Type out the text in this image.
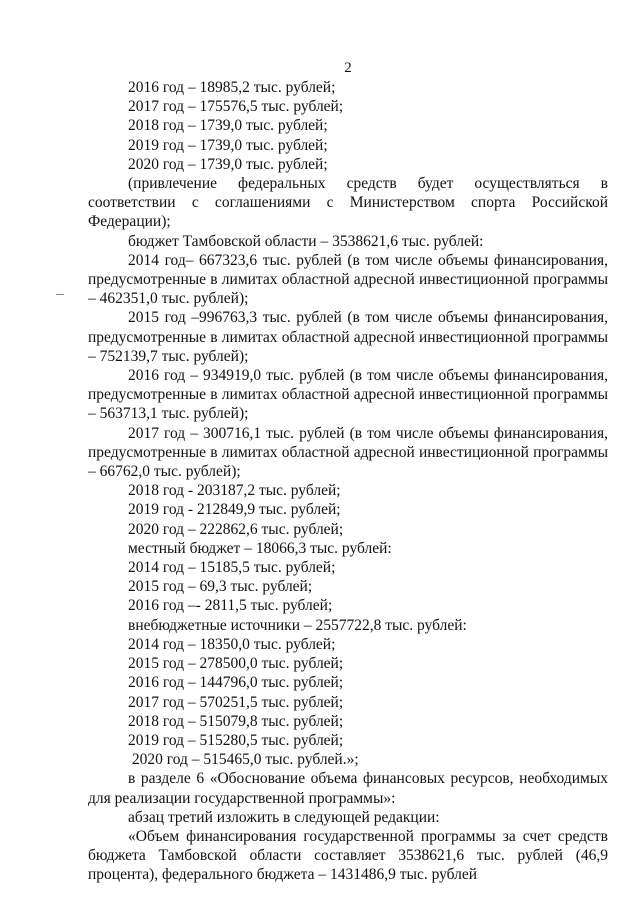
2
2016 год – 18985,2 тыс. рублей;
2017 год – 175576,5 тыс. рублей;
2018 год – 1739,0 тыс. рублей;
2019 год – 1739,0 тыс. рублей;
2020 год – 1739,0 тыс. рублей;

(привлечение федеральных средств будет осуществляться в соответствии с соглашениями с Министерством спорта Российской Федерации);

бюджет Тамбовской области – 3538621,6 тыс. рублей:

2014 год– 667323,6 тыс. рублей (в том числе объемы финансирования, предусмотренные в лимитах областной адресной инвестиционной программы – 462351,0 тыс. рублей);

2015 год –996763,3 тыс. рублей (в том числе объемы финансирования, предусмотренные в лимитах областной адресной инвестиционной программы – 752139,7 тыс. рублей);

2016 год – 934919,0 тыс. рублей (в том числе объемы финансирования, предусмотренные в лимитах областной адресной инвестиционной программы – 563713,1 тыс. рублей);

2017 год – 300716,1 тыс. рублей (в том числе объемы финансирования, предусмотренные в лимитах областной адресной инвестиционной программы – 66762,0 тыс. рублей);

2018 год - 203187,2 тыс. рублей;
2019 год - 212849,9 тыс. рублей;
2020 год – 222862,6 тыс. рублей;
местный бюджет – 18066,3 тыс. рублей:
2014 год – 15185,5 тыс. рублей;
2015 год – 69,3 тыс. рублей;
2016 год –- 2811,5 тыс. рублей;
внебюджетные источники – 2557722,8 тыс. рублей:
2014 год – 18350,0 тыс. рублей;
2015 год – 278500,0 тыс. рублей;
2016 год – 144796,0 тыс. рублей;
2017 год – 570251,5 тыс. рублей;
2018 год – 515079,8 тыс. рублей;
2019 год – 515280,5 тыс. рублей;
2020 год – 515465,0 тыс. рублей.»;

в разделе 6 «Обоснование объема финансовых ресурсов, необходимых для реализации государственной программы»:

абзац третий изложить в следующей редакции:

«Объем финансирования государственной программы за счет средств бюджета Тамбовской области составляет 3538621,6 тыс. рублей (46,9 процента), федерального бюджета – 1431486,9 тыс. рублей
